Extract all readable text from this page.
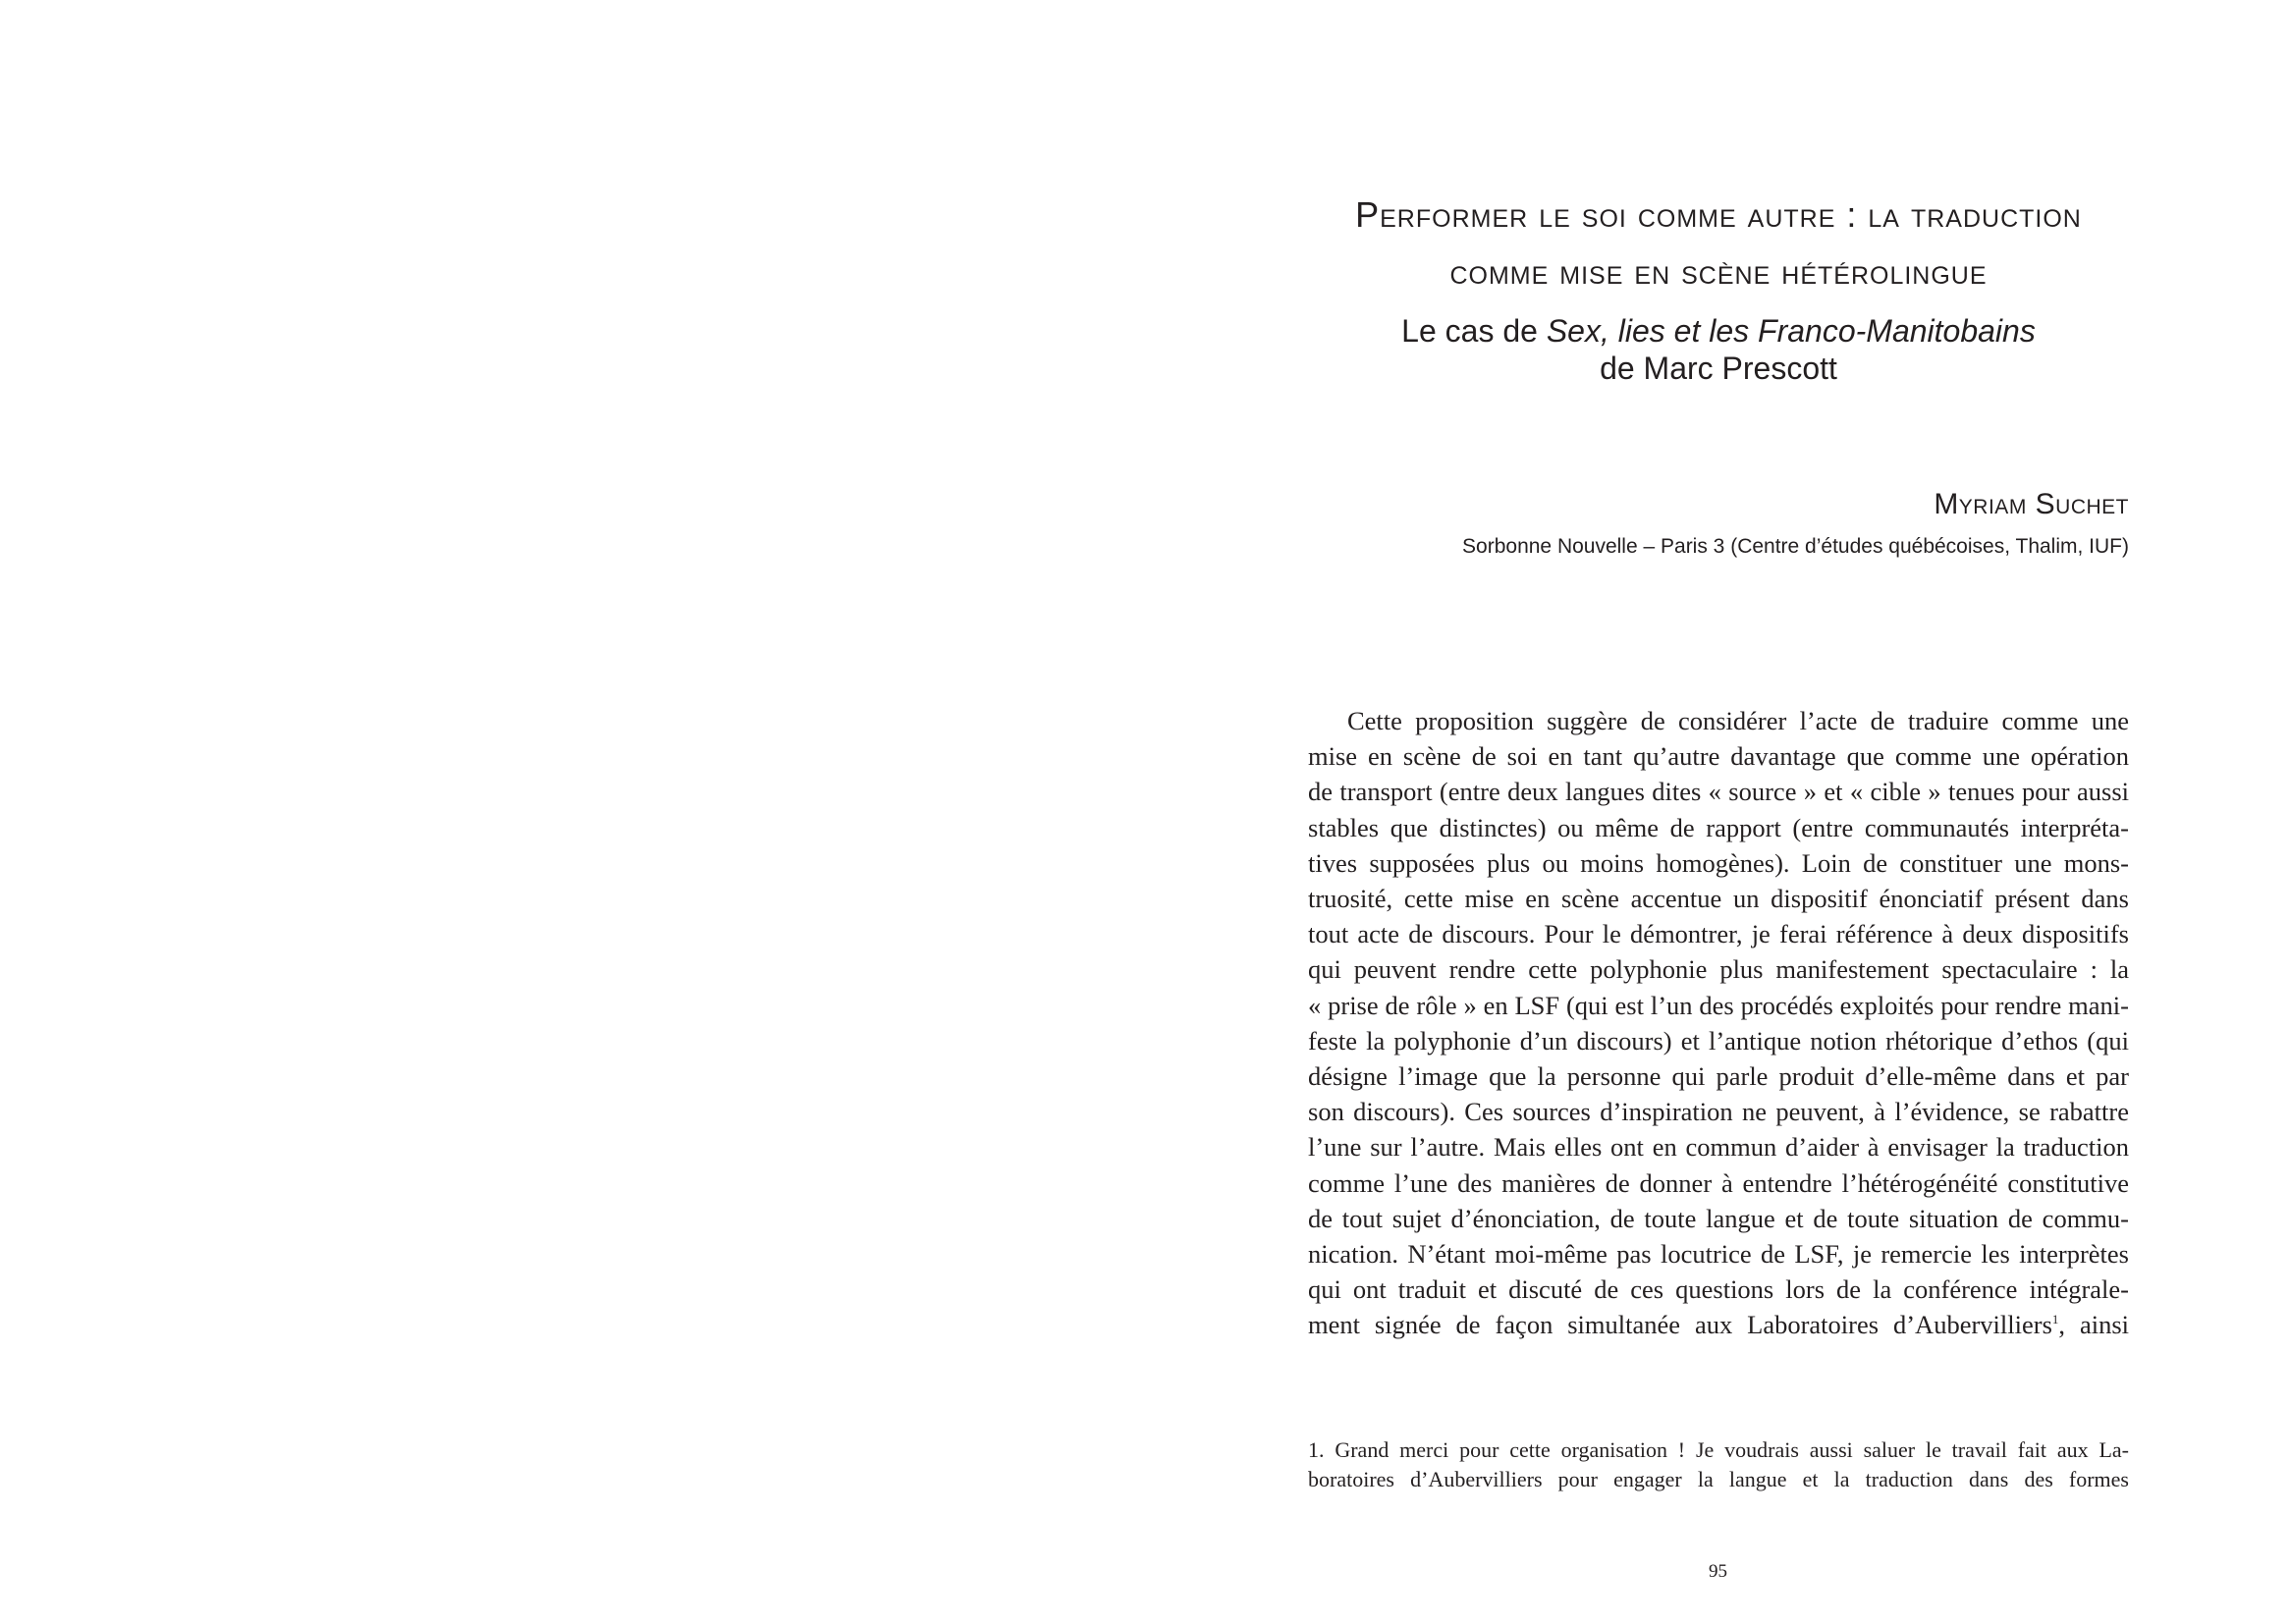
Performer le soi comme autre : la traduction
comme mise en scène hétérolingue
Le cas de Sex, lies et les Franco-Manitobains
de Marc Prescott

Myriam Suchet

Sorbonne Nouvelle – Paris 3 (Centre d’études québécoises, Thalim, IUF)

Cette proposition suggère de considérer l’acte de traduire comme une
mise en scène de soi en tant qu’autre davantage que comme une opération
de transport (entre deux langues dites « source » et « cible » tenues pour aussi
stables que distinctes) ou même de rapport (entre communautés interpréta-
tives supposées plus ou moins homogènes). Loin de constituer une mons-
truosité, cette mise en scène accentue un dispositif énonciatif présent dans
tout acte de discours. Pour le démontrer, je ferai référence à deux dispositifs
qui peuvent rendre cette polyphonie plus manifestement spectaculaire : la
« prise de rôle » en LSF (qui est l’un des procédés exploités pour rendre mani-
feste la polyphonie d’un discours) et l’antique notion rhétorique d’ethos (qui
désigne l’image que la personne qui parle produit d’elle-même dans et par
son discours). Ces sources d’inspiration ne peuvent, à l’évidence, se rabattre
l’une sur l’autre. Mais elles ont en commun d’aider à envisager la traduction
comme l’une des manières de donner à entendre l’hétérogénéité constitutive
de tout sujet d’énonciation, de toute langue et de toute situation de commu-
nication. N’étant moi-même pas locutrice de LSF, je remercie les interprètes
qui ont traduit et discuté de ces questions lors de la conférence intégrale-
ment signée de façon simultanée aux Laboratoires d’Aubervilliers$^1$, ainsi
1. Grand merci pour cette organisation ! Je voudrais aussi saluer le travail fait aux La-
boratoires d’Aubervilliers pour engager la langue et la traduction dans des formes

95
